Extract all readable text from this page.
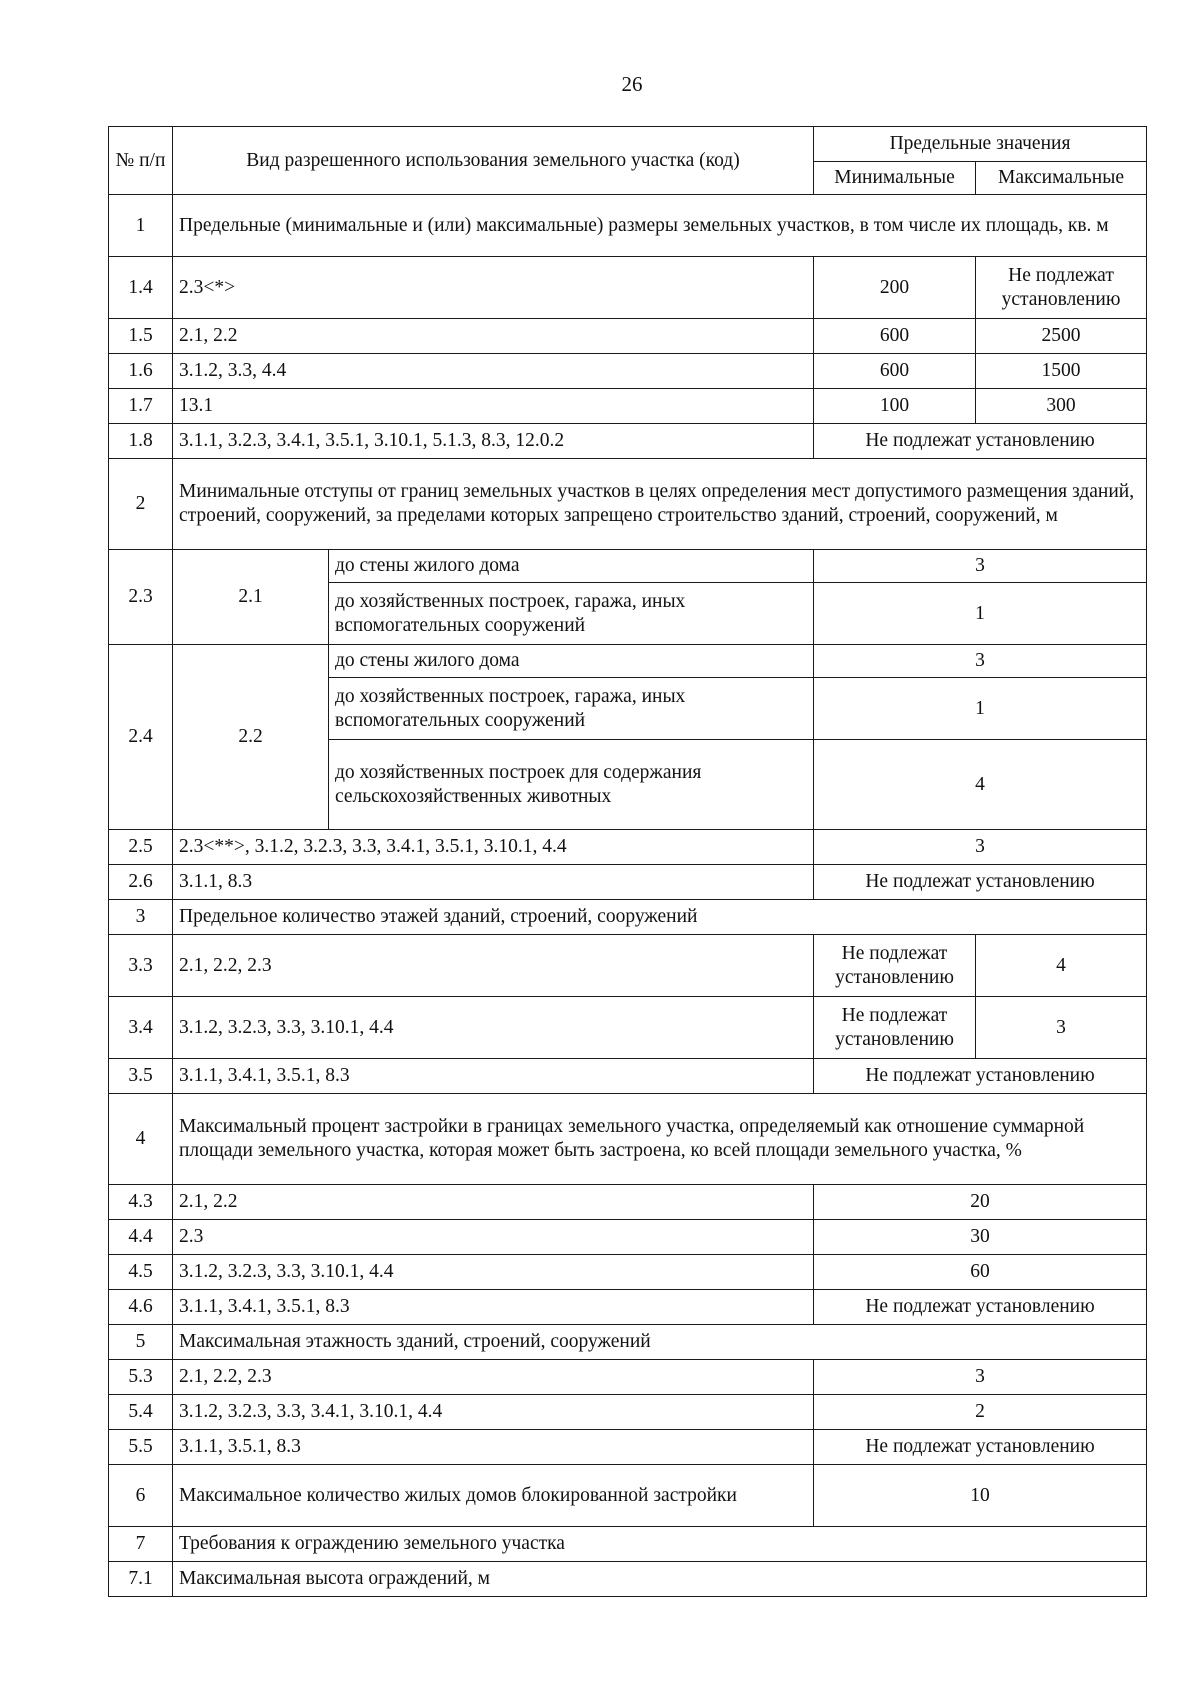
26
№ п/п	Вид разрешенного использования земельного участка (код)		Предельные значения	
			Минимальные	Максимальные
1	Предельные (минимальные и (или) максимальные) размеры земельных участков, в том числе их площадь, кв. м			
1.4	2.3<*>		200	Не подлежат установлению
1.5	2.1, 2.2		600	2500
1.6	3.1.2, 3.3, 4.4		600	1500
1.7	13.1		100	300
1.8	3.1.1, 3.2.3, 3.4.1, 3.5.1, 3.10.1, 5.1.3, 8.3, 12.0.2		Не подлежат установлению	
2	Минимальные отступы от границ земельных участков в целях определения мест допустимого размещения зданий, строений, сооружений, за пределами которых запрещено строительство зданий, строений, сооружений, м			
2.3	2.1	до стены жилого дома	3	
		до хозяйственных построек, гаража, иных вспомогательных сооружений	1	
2.4	2.2	до стены жилого дома	3	
		до хозяйственных построек, гаража, иных вспомогательных сооружений	1	
		до хозяйственных построек для содержания сельскохозяйственных животных	4	
2.5	2.3<**>, 3.1.2, 3.2.3, 3.3, 3.4.1, 3.5.1, 3.10.1, 4.4		3	
2.6	3.1.1, 8.3		Не подлежат установлению	
3	Предельное количество этажей зданий, строений, сооружений			
3.3	2.1, 2.2, 2.3		Не подлежат установлению	4
3.4	3.1.2, 3.2.3, 3.3, 3.10.1, 4.4		Не подлежат установлению	3
3.5	3.1.1, 3.4.1, 3.5.1, 8.3		Не подлежат установлению	
4	Максимальный процент застройки в границах земельного участка, определяемый как отношение суммарной площади земельного участка, которая может быть застроена, ко всей площади земельного участка, %			
4.3	2.1, 2.2		20	
4.4	2.3		30	
4.5	3.1.2, 3.2.3, 3.3, 3.10.1, 4.4		60	
4.6	3.1.1, 3.4.1, 3.5.1, 8.3		Не подлежат установлению	
5	Максимальная этажность зданий, строений, сооружений			
5.3	2.1, 2.2, 2.3		3	
5.4	3.1.2, 3.2.3, 3.3, 3.4.1, 3.10.1, 4.4		2	
5.5	3.1.1, 3.5.1, 8.3		Не подлежат установлению	
6	Максимальное количество жилых домов блокированной застройки		10	
7	Требования к ограждению земельного участка			
7.1	Максимальная высота ограждений, м			
